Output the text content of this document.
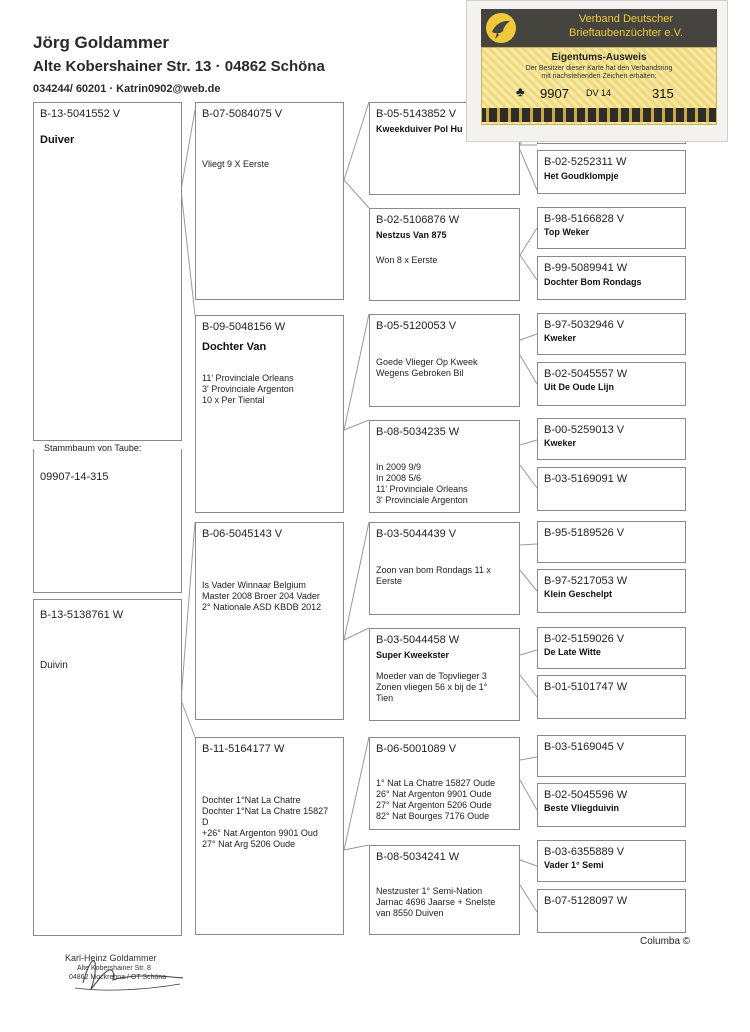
Jörg Goldammer
Alte Kobershainer Str. 13 · 04862 Schöna
034244/ 60201 · Katrin0902@web.de
B-13-5041552 V
Duiver
Stammbaum von Taube:
09907-14-315
B-13-5138761 W
Duivin
B-07-5084075 V
Vliegt 9 X Eerste
B-09-5048156 W
Dochter Van
11' Provinciale Orleans
3' Provinciale Argenton
10 x Per Tiental
B-06-5045143 V
Is Vader Winnaar Belgium
Master 2008 Broer 204 Vader
2° Nationale ASD KBDB 2012
B-11-5164177 W
Dochter 1°Nat La Chatre
Dochter 1°Nat La Chatre 15827
D
+26° Nat Argenton 9901 Oud
27° Nat Arg 5206 Oude
B-05-5143852 V
Kweekduiver Pol Hu
B-02-5106876 W
Nestzus Van 875
Won 8 x Eerste
B-05-5120053 V
Goede Vlieger Op Kweek
Wegens Gebroken Bil
B-08-5034235 W
In 2009 9/9
In 2008 5/6
11' Provinciale Orleans
3' Provinciale Argenton
B-03-5044439 V
Zoon van bom Rondags 11 x
Eerste
B-03-5044458 W
Super Kweekster
Moeder van de Topvlieger 3
Zonen vliegen 56 x bij de 1°
Tien
B-06-5001089 V
1° Nat La Chatre 15827 Oude
26° Nat Argenton 9901 Oude
27° Nat Argenton 5206 Oude
82° Nat Bourges 7176 Oude
B-08-5034241 W
Nestzuster 1° Semi-Nation
Jarnac 4696 Jaarse + Snelste
van 8550 Duiven
B-02-5252311 W
Het Goudklompje
B-98-5166828 V
Top Weker
B-99-5089941 W
Dochter Bom Rondags
B-97-5032946 V
Kweker
B-02-5045557 W
Uit De Oude Lijn
B-00-5259013 V
Kweker
B-03-5169091 W
B-95-5189526 V
B-97-5217053 W
Klein Geschelpt
B-02-5159026 V
De Late Witte
B-01-5101747 W
B-03-5169045 V
B-02-5045596 W
Beste Vliegduivin
B-03-6355889 V
Vader 1° Semi
B-07-5128097 W
Verband Deutscher
Brieftaubenzüchter e.V.
Eigentums-Ausweis
Der Besitzer dieser Karte hat den Verbandsring
mit nachstehenden Zeichen erhalten:
♣ 9907 DV 14	315
Karl-Heinz Goldammer
Alte Kobershainer Str. 8
04862 Mockrehna / OT Schöna
Columba ©
